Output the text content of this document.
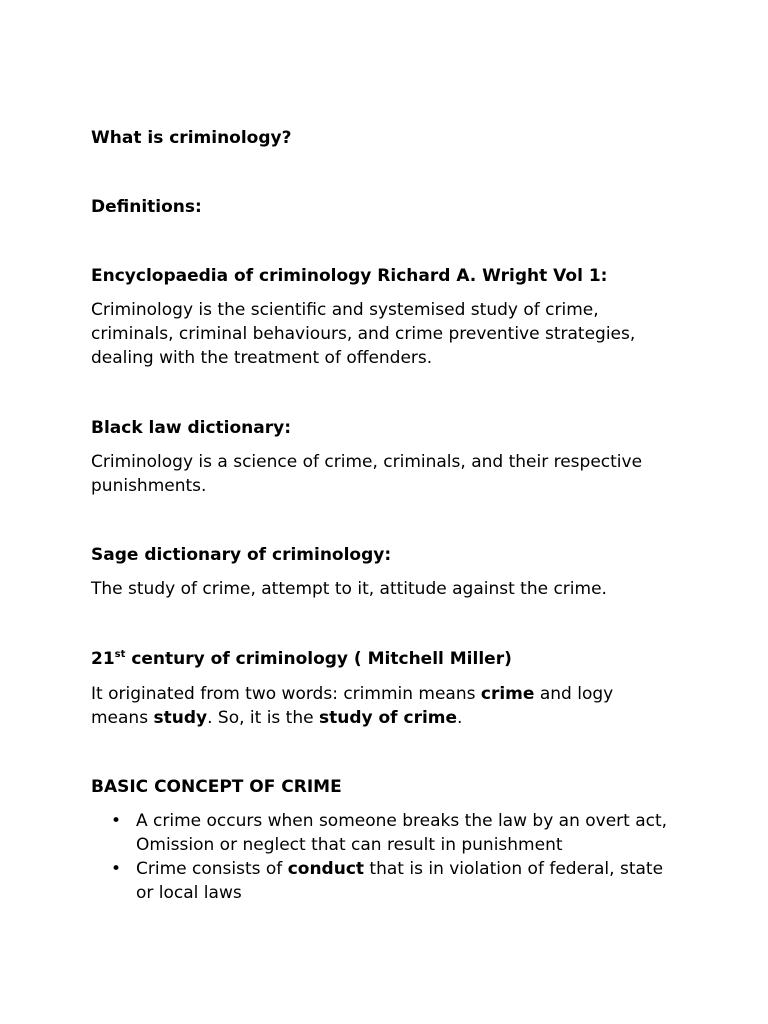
What is criminology?
Definitions:
Encyclopaedia of criminology Richard A. Wright Vol 1:

Criminology is the scientific and systemised study of crime, criminals, criminal behaviours, and crime preventive strategies, dealing with the treatment of offenders.

Black law dictionary:

Criminology is a science of crime, criminals, and their respective punishments.

Sage dictionary of criminology:

The study of crime, attempt to it, attitude against the crime.

21st century of criminology ( Mitchell Miller)

It originated from two words: crimmin means crime and logy means study. So, it is the study of crime.

BASIC CONCEPT OF CRIME
• A crime occurs when someone breaks the law by an overt act, Omission or neglect that can result in punishment
• Crime consists of conduct that is in violation of federal, state or local laws
